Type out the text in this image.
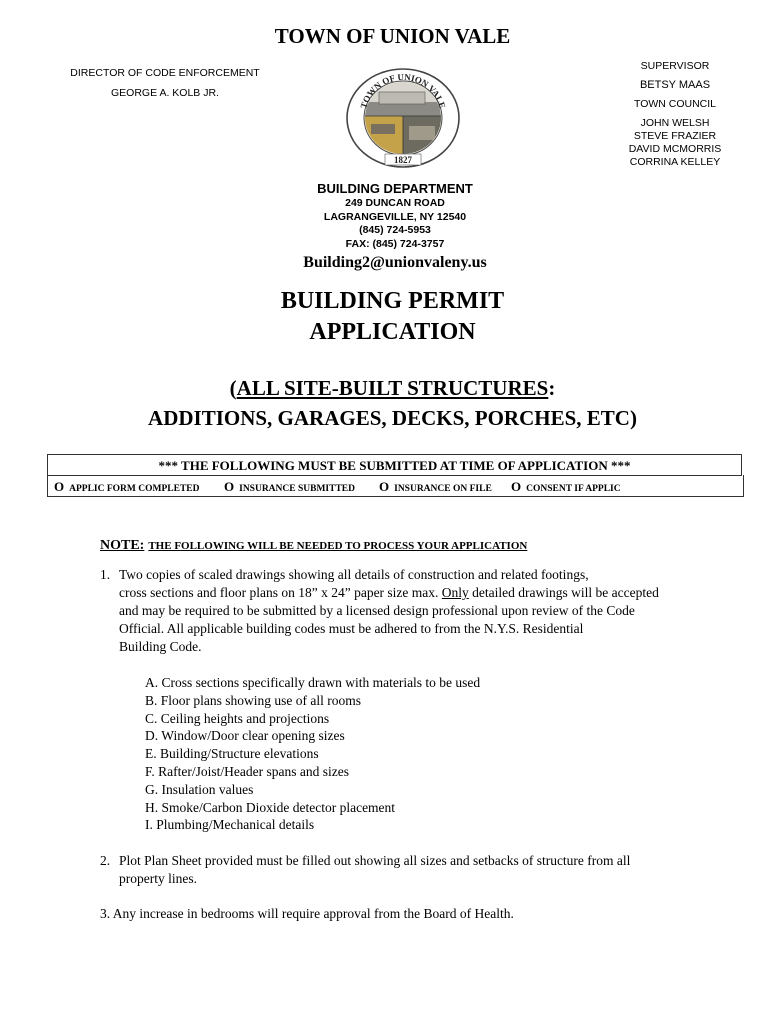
TOWN OF UNION VALE
DIRECTOR OF CODE ENFORCEMENT
GEORGE A. KOLB JR.
SUPERVISOR
BETSY MAAS
TOWN COUNCIL
JOHN WELSH
STEVE FRAZIER
DAVID MCMORRIS
CORRINA KELLEY
TOWN OF UNION VALE
1827
BUILDING DEPARTMENT
249 DUNCAN ROAD
LAGRANGEVILLE, NY 12540
(845) 724-5953
FAX: (845) 724-3757
Building2@unionvaleny.us
BUILDING PERMIT
APPLICATION
(ALL SITE-BUILT STRUCTURES:
ADDITIONS, GARAGES, DECKS, PORCHES, ETC)
*** THE FOLLOWING MUST BE SUBMITTED AT TIME OF APPLICATION ***
O APPLIC FORM COMPLETED O INSURANCE SUBMITTED O INSURANCE ON FILE O CONSENT IF APPLIC
NOTE: THE FOLLOWING WILL BE NEEDED TO PROCESS YOUR APPLICATION
1. Two copies of scaled drawings showing all details of construction and related footings,
cross sections and floor plans on 18” x 24” paper size max. Only detailed drawings will be accepted
and may be required to be submitted by a licensed design professional upon review of the Code
Official. All applicable building codes must be adhered to from the N.Y.S. Residential
Building Code.
A. Cross sections specifically drawn with materials to be used
B. Floor plans showing use of all rooms
C. Ceiling heights and projections
D. Window/Door clear opening sizes
E. Building/Structure elevations
F. Rafter/Joist/Header spans and sizes
G. Insulation values
H. Smoke/Carbon Dioxide detector placement
I. Plumbing/Mechanical details
2. Plot Plan Sheet provided must be filled out showing all sizes and setbacks of structure from all
property lines.
3. Any increase in bedrooms will require approval from the Board of Health.
